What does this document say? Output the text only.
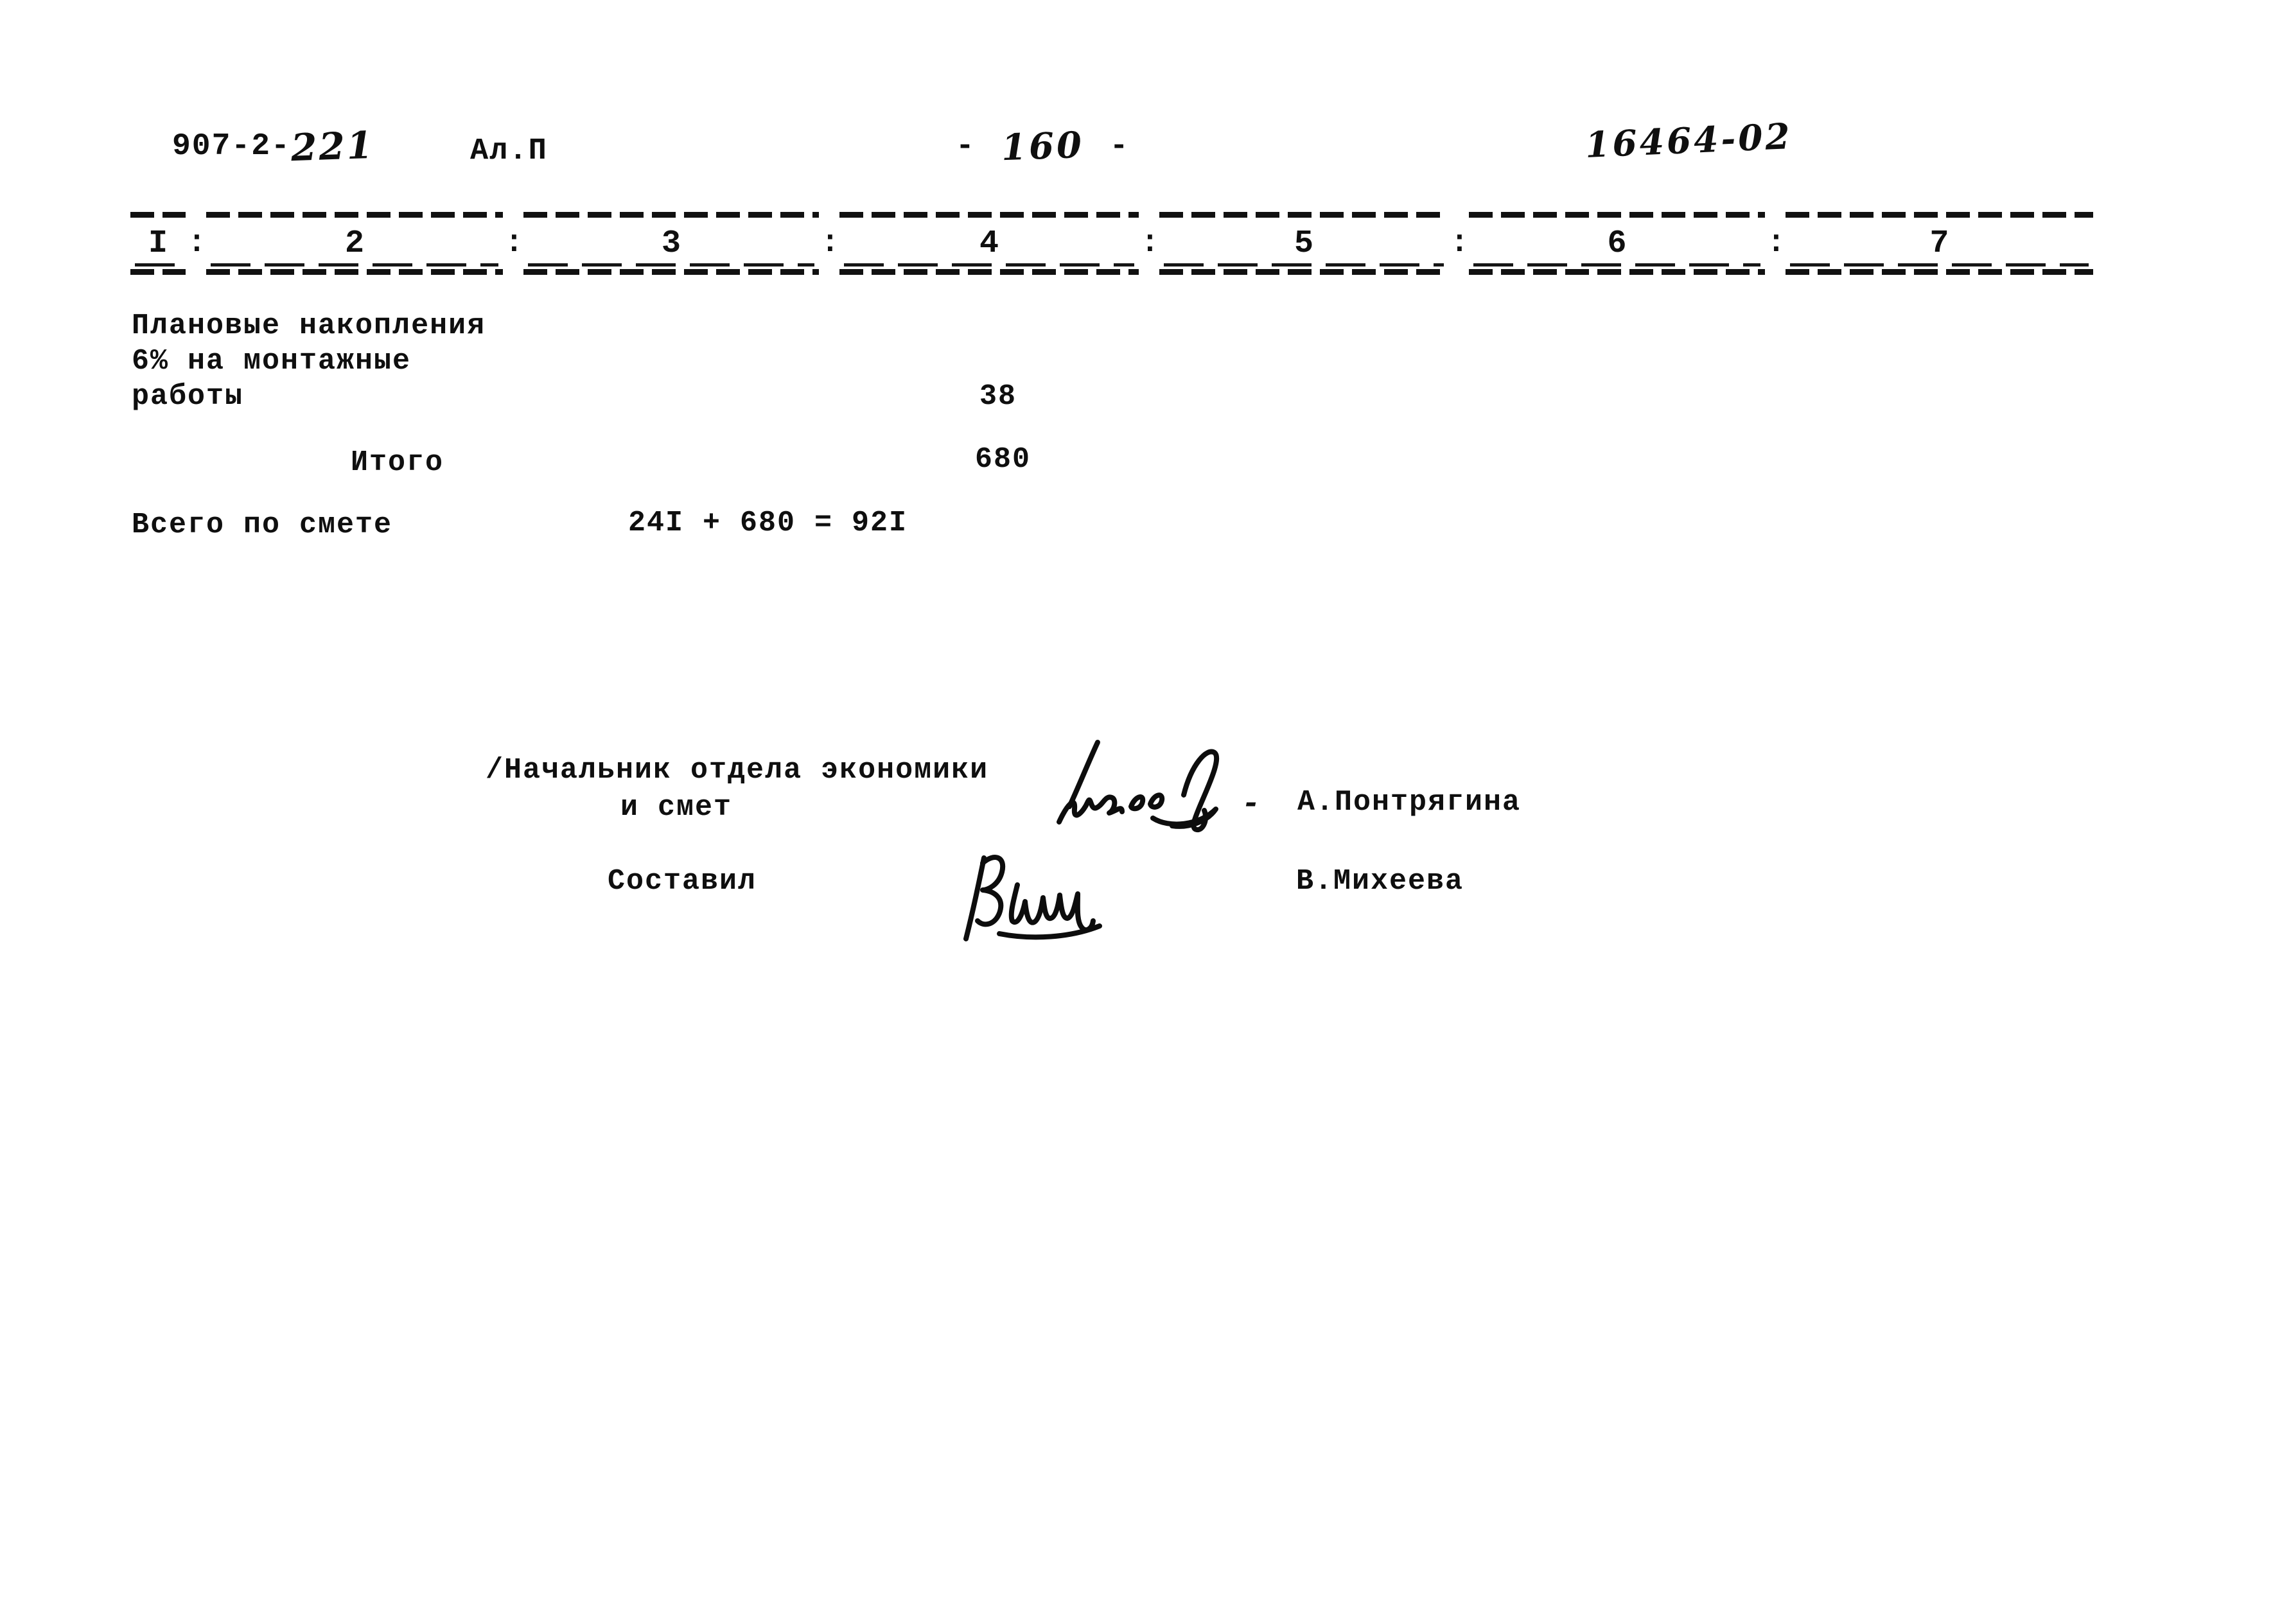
907-2-
221	Ал.П	- 160 -	16464-02
I :	2	:	3	:	4	:	5	:	6	:	7
Плановые накопления
6% на монтажные
работы	38
Итого	680
Всего по смете	24I + 680 = 92I
/Начальник отдела экономики
и смет	- А.Понтрягина
Составил	В.Михеева
